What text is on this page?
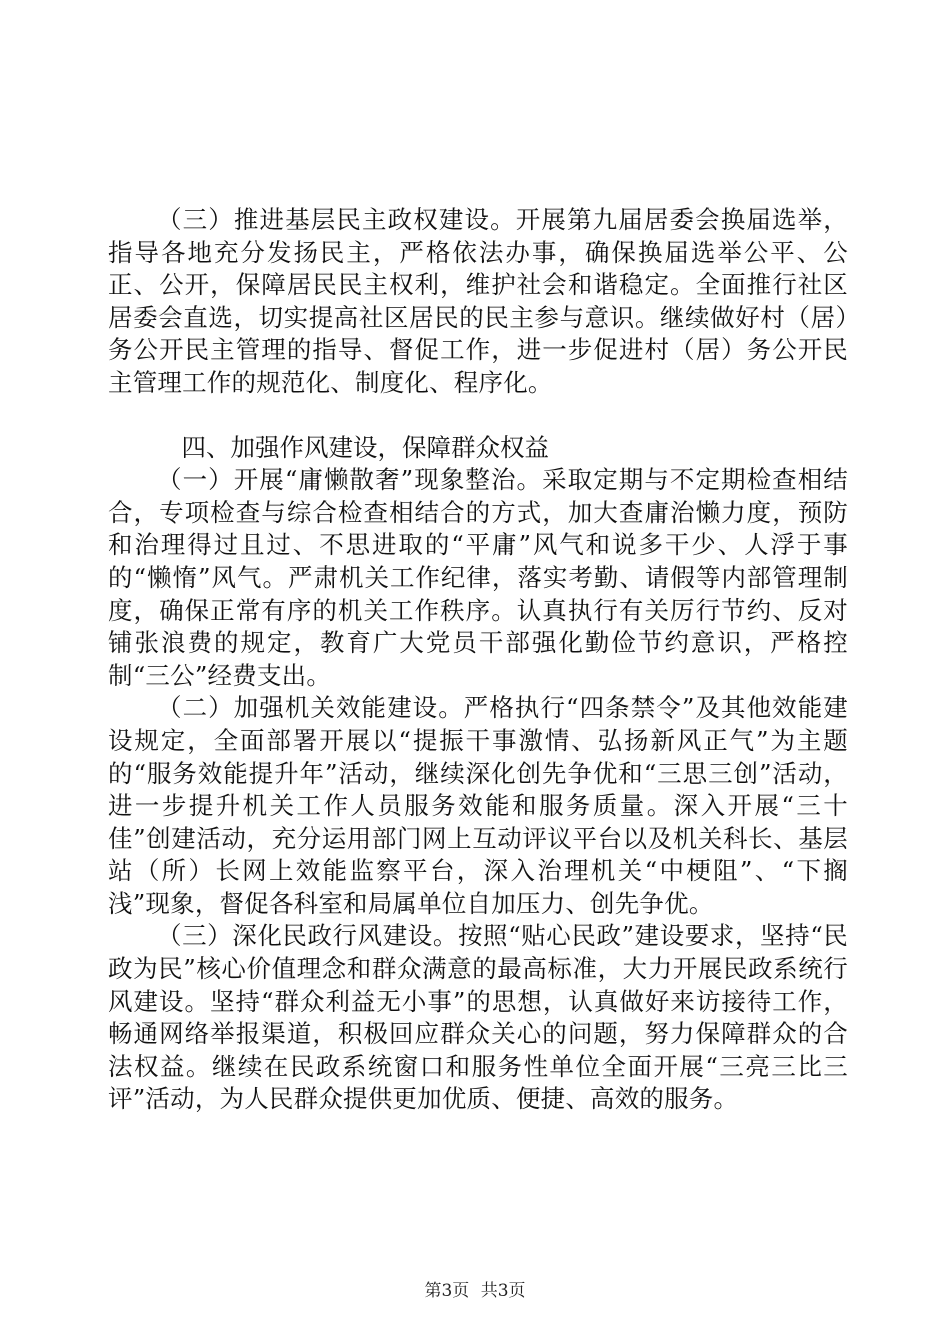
（三）推进基层民主政权建设。开展第九届居委会换届选举，指导各地充分发扬民主，严格依法办事，确保换届选举公平、公正、公开，保障居民民主权利，维护社会和谐稳定。全面推行社区居委会直选，切实提高社区居民的民主参与意识。继续做好村（居）务公开民主管理的指导、督促工作，进一步促进村（居）务公开民主管理工作的规范化、制度化、程序化。

四、加强作风建设，保障群众权益

（一）开展“庸懒散奢”现象整治。采取定期与不定期检查相结合，专项检查与综合检查相结合的方式，加大查庸治懒力度，预防和治理得过且过、不思进取的“平庸”风气和说多干少、人浮于事的“懒惰”风气。严肃机关工作纪律，落实考勤、请假等内部管理制度，确保正常有序的机关工作秩序。认真执行有关厉行节约、反对铺张浪费的规定，教育广大党员干部强化勤俭节约意识，严格控制“三公”经费支出。

（二）加强机关效能建设。严格执行“四条禁令”及其他效能建设规定，全面部署开展以“提振干事激情、弘扬新风正气”为主题的“服务效能提升年”活动，继续深化创先争优和“三思三创”活动，进一步提升机关工作人员服务效能和服务质量。深入开展“三十佳”创建活动，充分运用部门网上互动评议平台以及机关科长、基层站（所）长网上效能监察平台，深入治理机关“中梗阻”、“下搁浅”现象，督促各科室和局属单位自加压力、创先争优。

（三）深化民政行风建设。按照“贴心民政”建设要求，坚持“民政为民”核心价值理念和群众满意的最高标准，大力开展民政系统行风建设。坚持“群众利益无小事”的思想，认真做好来访接待工作，畅通网络举报渠道，积极回应群众关心的问题，努力保障群众的合法权益。继续在民政系统窗口和服务性单位全面开展“三亮三比三评”活动，为人民群众提供更加优质、便捷、高效的服务。

第3页 共3页
